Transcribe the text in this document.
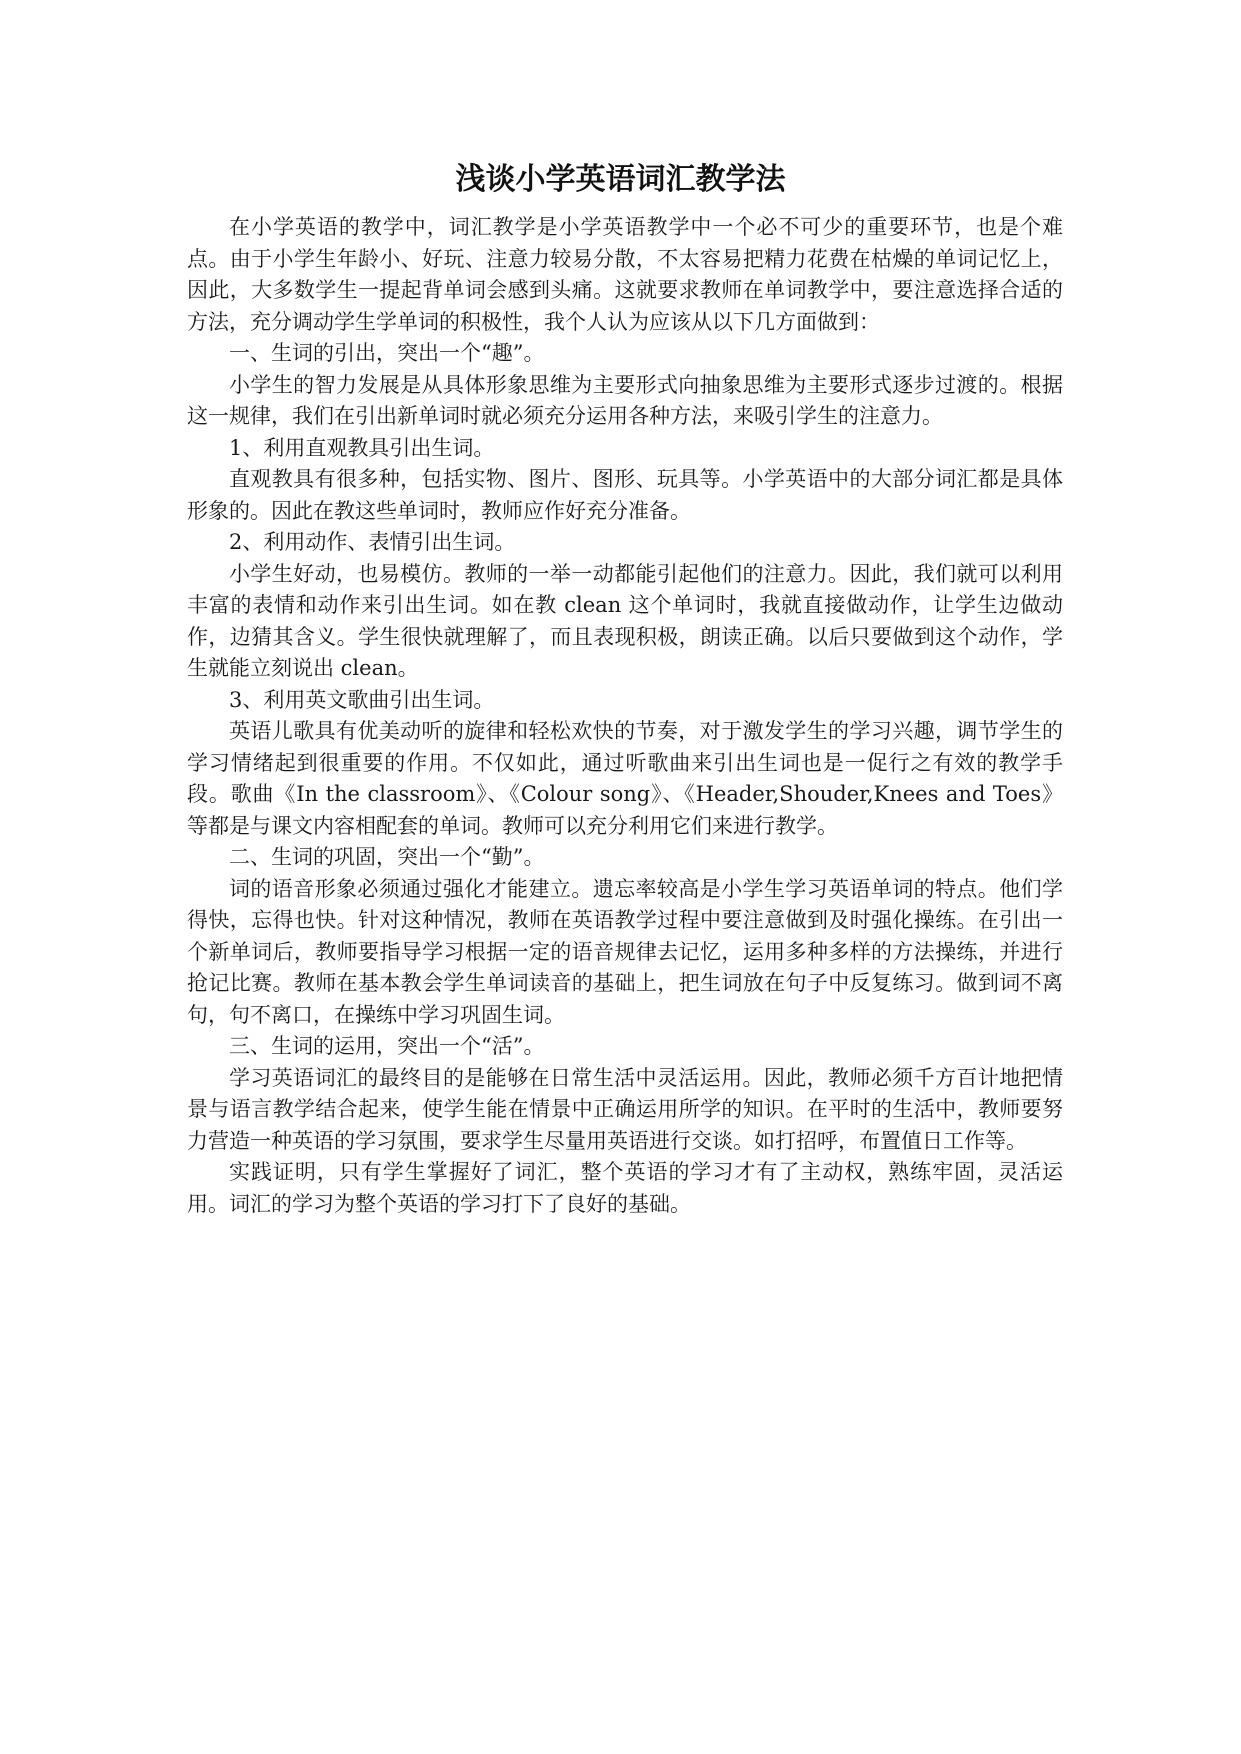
浅谈小学英语词汇教学法

在小学英语的教学中，词汇教学是小学英语教学中一个必不可少的重要环节，也是个难点。由于小学生年龄小、好玩、注意力较易分散，不太容易把精力花费在枯燥的单词记忆上，因此，大多数学生一提起背单词会感到头痛。这就要求教师在单词教学中，要注意选择合适的方法，充分调动学生学单词的积极性，我个人认为应该从以下几方面做到：

一、生词的引出，突出一个“趣”。

小学生的智力发展是从具体形象思维为主要形式向抽象思维为主要形式逐步过渡的。根据这一规律，我们在引出新单词时就必须充分运用各种方法，来吸引学生的注意力。

1、利用直观教具引出生词。

直观教具有很多种，包括实物、图片、图形、玩具等。小学英语中的大部分词汇都是具体形象的。因此在教这些单词时，教师应作好充分准备。

2、利用动作、表情引出生词。

小学生好动，也易模仿。教师的一举一动都能引起他们的注意力。因此，我们就可以利用丰富的表情和动作来引出生词。如在教 clean 这个单词时，我就直接做动作，让学生边做动作，边猜其含义。学生很快就理解了，而且表现积极，朗读正确。以后只要做到这个动作，学生就能立刻说出 clean。

3、利用英文歌曲引出生词。

英语儿歌具有优美动听的旋律和轻松欢快的节奏，对于激发学生的学习兴趣，调节学生的学习情绪起到很重要的作用。不仅如此，通过听歌曲来引出生词也是一促行之有效的教学手段。歌曲《In the classroom》、《Colour song》、《Header,Shouder,Knees and Toes》等都是与课文内容相配套的单词。教师可以充分利用它们来进行教学。

二、生词的巩固，突出一个“勤”。

词的语音形象必须通过强化才能建立。遗忘率较高是小学生学习英语单词的特点。他们学得快，忘得也快。针对这种情况，教师在英语教学过程中要注意做到及时强化操练。在引出一个新单词后，教师要指导学习根据一定的语音规律去记忆，运用多种多样的方法操练，并进行抢记比赛。教师在基本教会学生单词读音的基础上，把生词放在句子中反复练习。做到词不离句，句不离口，在操练中学习巩固生词。

三、生词的运用，突出一个“活”。

学习英语词汇的最终目的是能够在日常生活中灵活运用。因此，教师必须千方百计地把情景与语言教学结合起来，使学生能在情景中正确运用所学的知识。在平时的生活中，教师要努力营造一种英语的学习氛围，要求学生尽量用英语进行交谈。如打招呼，布置值日工作等。

实践证明，只有学生掌握好了词汇，整个英语的学习才有了主动权，熟练牢固，灵活运用。词汇的学习为整个英语的学习打下了良好的基础。
